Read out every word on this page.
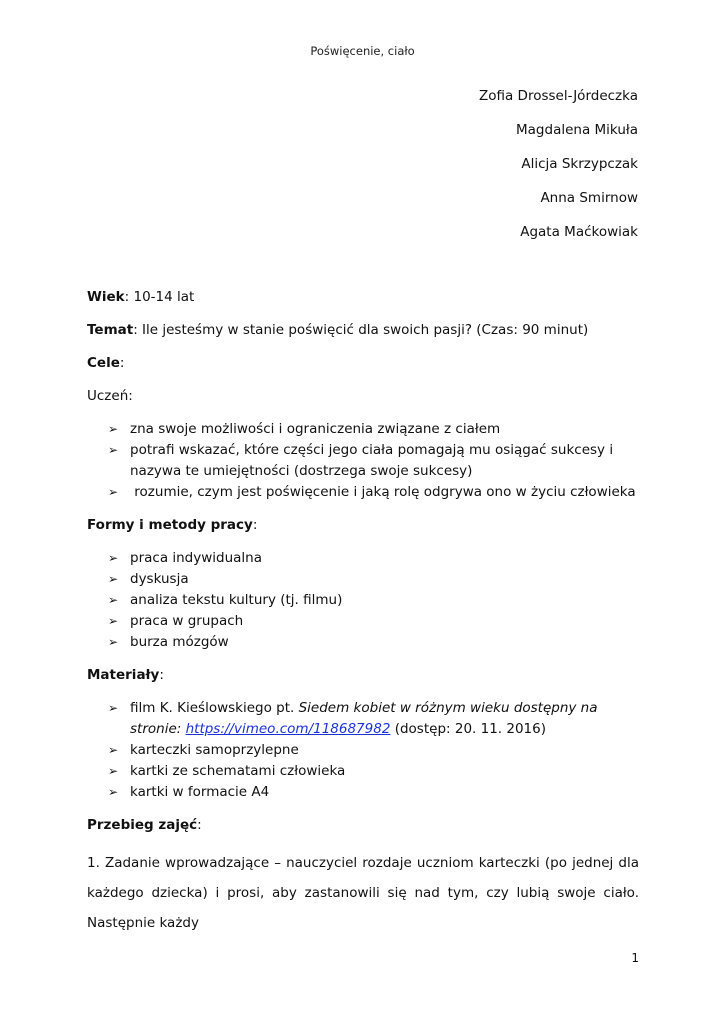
Poświęcenie, ciało
Zofia Drossel-Jórdeczka
Magdalena Mikuła
Alicja Skrzypczak
Anna Smirnow
Agata Maćkowiak
Wiek: 10-14 lat
Temat: Ile jesteśmy w stanie poświęcić dla swoich pasji? (Czas: 90 minut)
Cele:
Uczeń:
➢ zna swoje możliwości i ograniczenia związane z ciałem
➢ potrafi wskazać, które części jego ciała pomagają mu osiągać sukcesy i nazywa te umiejętności (dostrzega swoje sukcesy)
➢ rozumie, czym jest poświęcenie i jaką rolę odgrywa ono w życiu człowieka
Formy i metody pracy:
➢ praca indywidualna
➢ dyskusja
➢ analiza tekstu kultury (tj. filmu)
➢ praca w grupach
➢ burza mózgów
Materiały:
➢ film K. Kieślowskiego pt. Siedem kobiet w różnym wieku dostępny na stronie: https://vimeo.com/118687982 (dostęp: 20. 11. 2016)
➢ karteczki samoprzylepne
➢ kartki ze schematami człowieka
➢ kartki w formacie A4
Przebieg zajęć:
1. Zadanie wprowadzające – nauczyciel rozdaje uczniom karteczki (po jednej dla każdego dziecka) i prosi, aby zastanowili się nad tym, czy lubią swoje ciało. Następnie każdy
1
